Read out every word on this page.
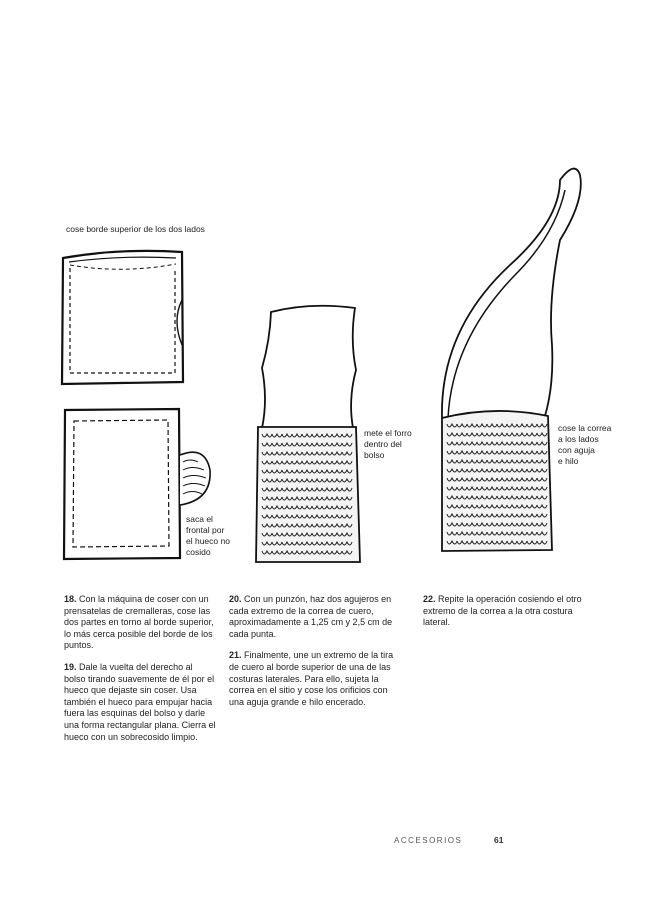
cose borde superior de los dos lados
saca el
frontal por
el hueco no
cosido
mete el forro
dentro del
bolso
cose la correa
a los lados
con aguja
e hilo

18. Con la máquina de coser con un prensatelas de cremalleras, cose las dos partes en torno al borde superior, lo más cerca posible del borde de los puntos.

19. Dale la vuelta del derecho al bolso tirando suavemente de él por el hueco que dejaste sin coser. Usa también el hueco para empujar hacia fuera las esquinas del bolso y darle una forma rectangular plana. Cierra el hueco con un sobrecosido limpio.

20. Con un punzón, haz dos agujeros en cada extremo de la correa de cuero, aproximadamente a 1,25 cm y 2,5 cm de cada punta.

21. Finalmente, une un extremo de la tira de cuero al borde superior de una de las costuras laterales. Para ello, sujeta la correa en el sitio y cose los orificios con una aguja grande e hilo encerado.

22. Repite la operación cosiendo el otro extremo de la correa a la otra costura lateral.

ACCESORIOS	61
